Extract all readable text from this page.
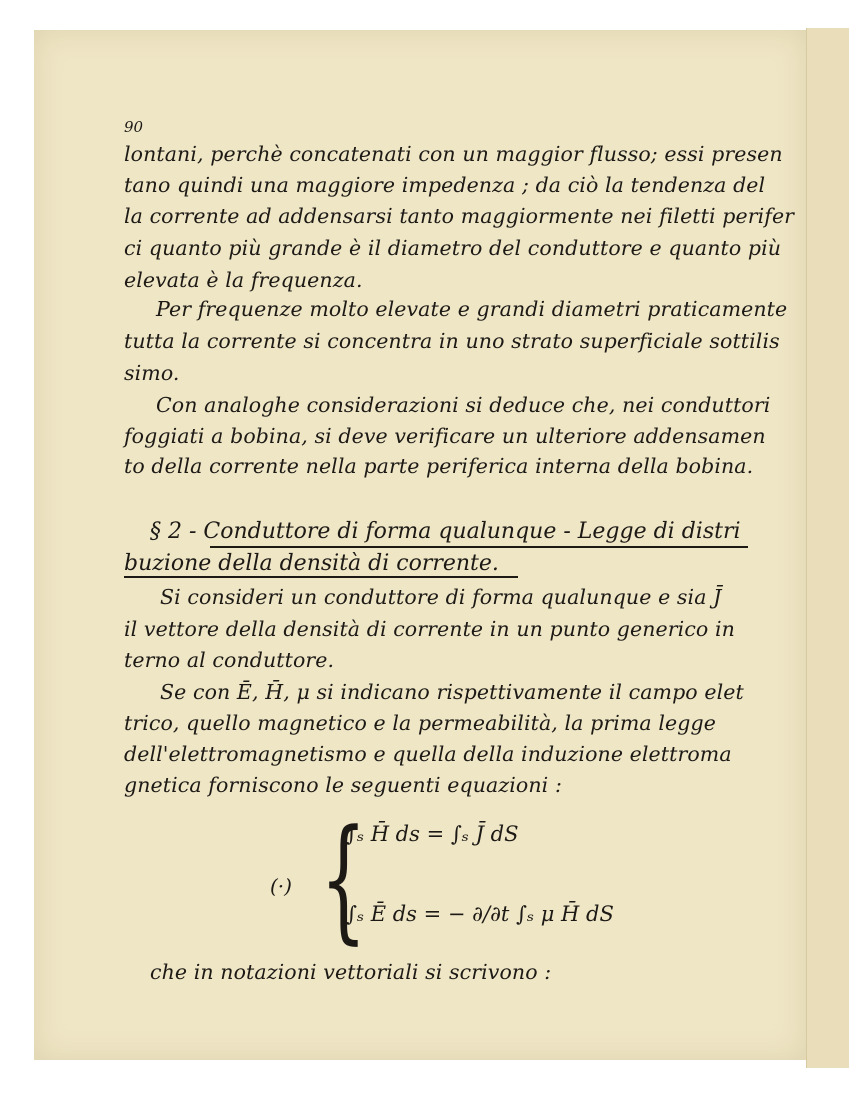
90
lontani, perchè concatenati con un maggior flusso; essi presen
tano quindi una maggiore impedenza ; da ciò la tendenza del
la corrente ad addensarsi tanto maggiormente nei filetti perifer
ci quanto più grande è il diametro del conduttore e quanto più
elevata è la frequenza.
Per frequenze molto elevate e grandi diametri praticamente
tutta la corrente si concentra in uno strato superficiale sottilis
simo.
Con analoghe considerazioni si deduce che, nei conduttori
foggiati a bobina, si deve verificare un ulteriore addensamen
to della corrente nella parte periferica interna della bobina.
§ 2 - Conduttore di forma qualunque - Legge di distri
buzione della densità di corrente.
Si consideri un conduttore di forma qualunque e sia J̄
il vettore della densità di corrente in un punto generico in
terno al conduttore.
Se con Ē, H̄, μ si indicano rispettivamente il campo elet
trico, quello magnetico e la permeabilità, la prima legge
dell'elettromagnetismo e quella della induzione elettroma
gnetica forniscono le seguenti equazioni :
(·) {
∫ₛ H̄ ds = ∫ₛ J̄ dS
∫ₛ Ē ds = − ∂/∂t ∫ₛ μ H̄ dS
che in notazioni vettoriali si scrivono :
